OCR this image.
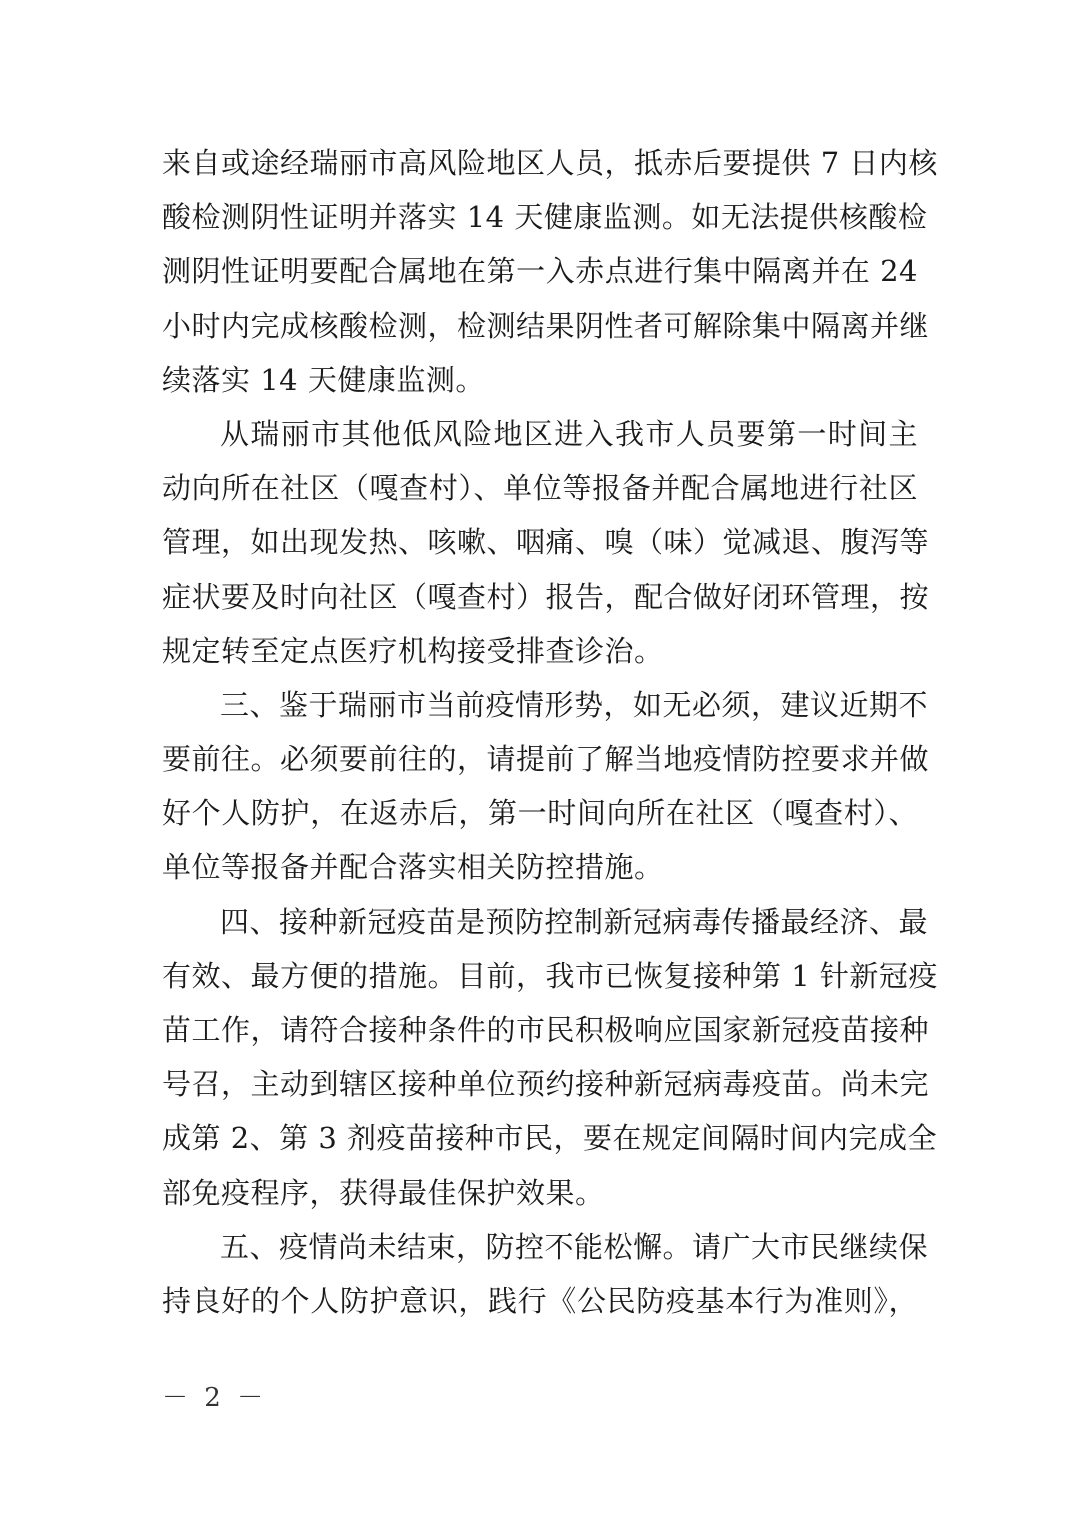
来自或途经瑞丽市高风险地区人员，抵赤后要提供 7 日内核
酸检测阴性证明并落实 14 天健康监测。如无法提供核酸检
测阴性证明要配合属地在第一入赤点进行集中隔离并在 24
小时内完成核酸检测，检测结果阴性者可解除集中隔离并继
续落实 14 天健康监测。
从瑞丽市其他低风险地区进入我市人员要第一时间主
动向所在社区（嘎查村）、单位等报备并配合属地进行社区
管理，如出现发热、咳嗽、咽痛、嗅（味）觉减退、腹泻等
症状要及时向社区（嘎查村）报告，配合做好闭环管理，按
规定转至定点医疗机构接受排查诊治。
三、鉴于瑞丽市当前疫情形势，如无必须，建议近期不
要前往。必须要前往的，请提前了解当地疫情防控要求并做
好个人防护，在返赤后，第一时间向所在社区（嘎查村）、
单位等报备并配合落实相关防控措施。
四、接种新冠疫苗是预防控制新冠病毒传播最经济、最
有效、最方便的措施。目前，我市已恢复接种第 1 针新冠疫
苗工作，请符合接种条件的市民积极响应国家新冠疫苗接种
号召，主动到辖区接种单位预约接种新冠病毒疫苗。尚未完
成第 2、第 3 剂疫苗接种市民，要在规定间隔时间内完成全
部免疫程序，获得最佳保护效果。
五、疫情尚未结束，防控不能松懈。请广大市民继续保
持良好的个人防护意识，践行《公民防疫基本行为准则》，
－ 2 －
